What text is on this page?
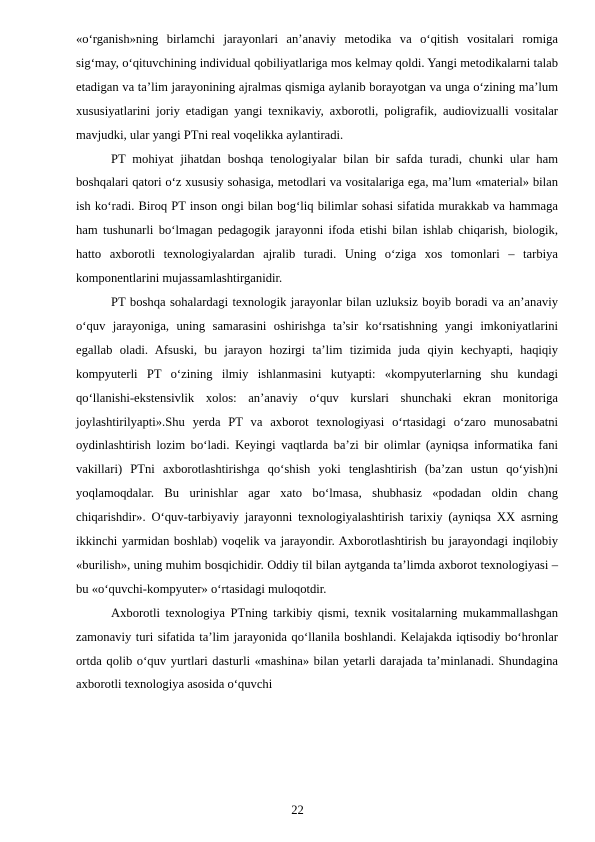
«o‘rganish»ning birlamchi jarayonlari an’anaviy metodika va o‘qitish vositalari romiga sig‘may, o‘qituvchining individual qobiliyatlariga mos kelmay qoldi. Yangi metodikalarni talab etadigan va ta’lim jarayonining ajralmas qismiga aylanib borayotgan va unga o‘zining ma’lum xususiyatlarini joriy etadigan yangi texnikaviy, axborotli, poligrafik, audiovizualli vositalar mavjudki, ular yangi PTni real voqelikka aylantiradi.

PT mohiyat jihatdan boshqa tenologiyalar bilan bir safda turadi, chunki ular ham boshqalari qatori o‘z xususiy sohasiga, metodlari va vositalariga ega, ma’lum «material» bilan ish ko‘radi. Biroq PT inson ongi bilan bog‘liq bilimlar sohasi sifatida murakkab va hammaga ham tushunarli bo‘lmagan pedagogik jarayonni ifoda etishi bilan ishlab chiqarish, biologik, hatto axborotli texnologiyalardan ajralib turadi. Uning o‘ziga xos tomonlari – tarbiya komponentlarini mujassamlashtirganidir.

PT boshqa sohalardagi texnologik jarayonlar bilan uzluksiz boyib boradi va an’anaviy o‘quv jarayoniga, uning samarasini oshirishga ta’sir ko‘rsatishning yangi imkoniyatlarini egallab oladi. Afsuski, bu jarayon hozirgi ta’lim tizimida juda qiyin kechyapti, haqiqiy kompyuterli PT o‘zining ilmiy ishlanmasini kutyapti: «kompyuterlarning shu kundagi qo‘llanishi-ekstensivlik xolos: an’anaviy o‘quv kurslari shunchaki ekran monitoriga joylashtirilyapti».Shu yerda PT va axborot texnologiyasi o‘rtasidagi o‘zaro munosabatni oydinlashtirish lozim bo‘ladi. Keyingi vaqtlarda ba’zi bir olimlar (ayniqsa informatika fani vakillari) PTni axborotlashtirishga qo‘shish yoki tenglashtirish (ba’zan ustun qo‘yish)ni yoqlamoqdalar. Bu urinishlar agar xato bo‘lmasa, shubhasiz «podadan oldin chang chiqarishdir». O‘quv-tarbiyaviy jarayonni texnologiyalashtirish tarixiy (ayniqsa XX asrning ikkinchi yarmidan boshlab) voqelik va jarayondir. Axborotlashtirish bu jarayondagi inqilobiy «burilish», uning muhim bosqichidir. Oddiy til bilan aytganda ta’limda axborot texnologiyasi – bu «o‘quvchi-kompyuter» o‘rtasidagi muloqotdir.

Axborotli texnologiya PTning tarkibiy qismi, texnik vositalarning mukammallashgan zamonaviy turi sifatida ta’lim jarayonida qo‘llanila boshlandi. Kelajakda iqtisodiy bo‘hronlar ortda qolib o‘quv yurtlari dasturli «mashina» bilan yetarli darajada ta’minlanadi. Shundagina axborotli texnologiya asosida o‘quvchi

22
